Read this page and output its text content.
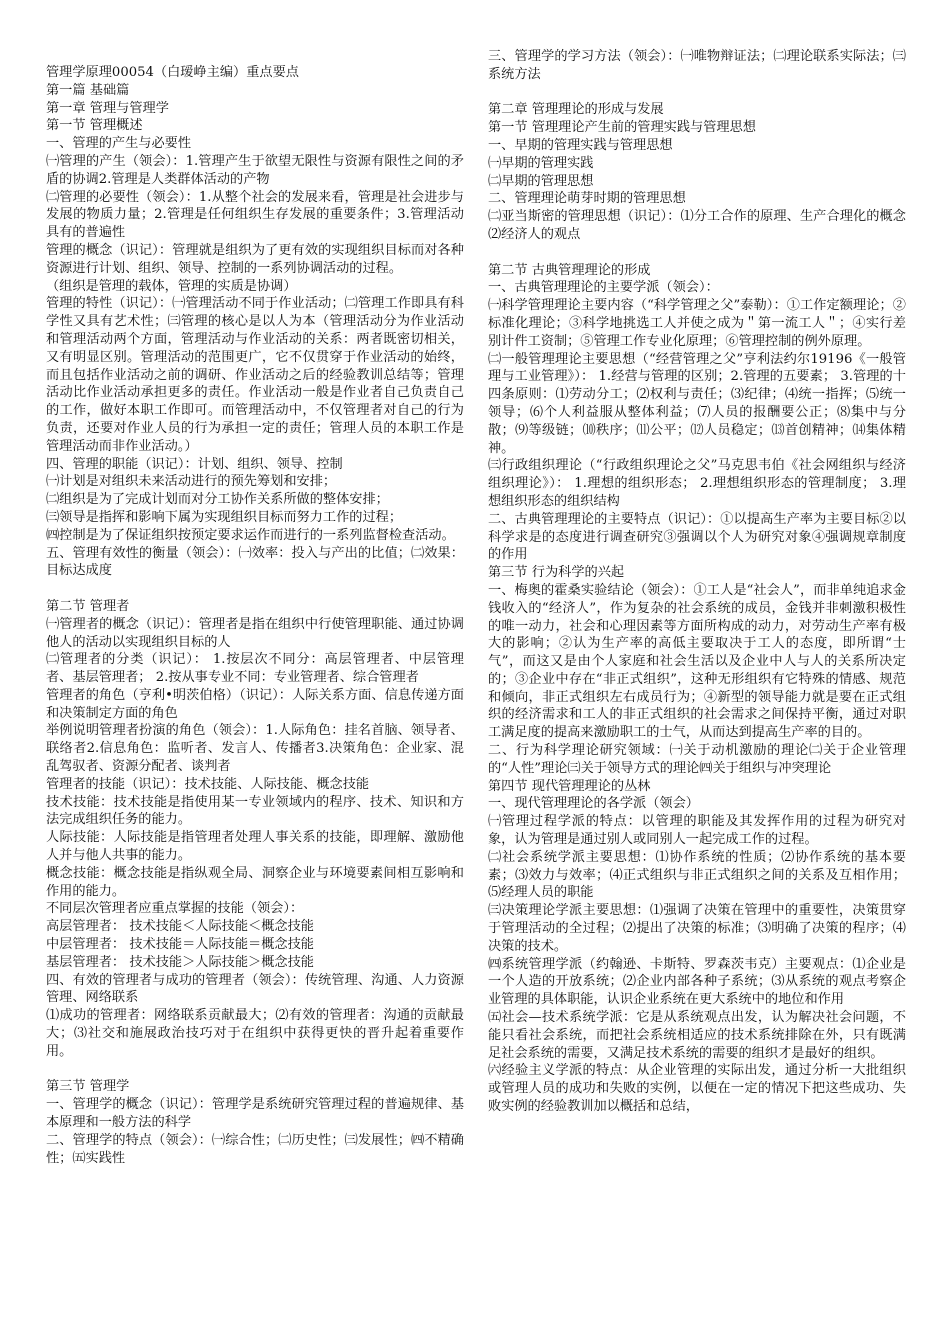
管理学原理00054（白瑷峥主编）重点要点

第一篇 基础篇

第一章 管理与管理学

第一节 管理概述

一、管理的产生与必要性

㈠管理的产生（领会）：1.管理产生于欲望无限性与资源有限性之间的矛盾的协调2.管理是人类群体活动的产物

㈡管理的必要性（领会）：1.从整个社会的发展来看，管理是社会进步与发展的物质力量；2.管理是任何组织生存发展的重要条件；3.管理活动具有的普遍性

管理的概念（识记）：管理就是组织为了更有效的实现组织目标而对各种资源进行计划、组织、领导、控制的一系列协调活动的过程。

（组织是管理的载体，管理的实质是协调）

管理的特性（识记）：㈠管理活动不同于作业活动；㈡管理工作即具有科学性又具有艺术性；㈢管理的核心是以人为本（管理活动分为作业活动和管理活动两个方面，管理活动与作业活动的关系：两者既密切相关，又有明显区别。管理活动的范围更广，它不仅贯穿于作业活动的始终，而且包括作业活动之前的调研、作业活动之后的经验教训总结等；管理活动比作业活动承担更多的责任。作业活动一般是作业者自己负责自己的工作，做好本职工作即可。而管理活动中，不仅管理者对自己的行为负责，还要对作业人员的行为承担一定的责任；管理人员的本职工作是管理活动而非作业活动。）

四、管理的职能（识记）：计划、组织、领导、控制

㈠计划是对组织未来活动进行的预先筹划和安排；

㈡组织是为了完成计划而对分工协作关系所做的整体安排；

㈢领导是指挥和影响下属为实现组织目标而努力工作的过程；

㈣控制是为了保证组织按预定要求运作而进行的一系列监督检查活动。

五、管理有效性的衡量（领会）：㈠效率：投入与产出的比值；㈡效果：目标达成度

第二节 管理者

㈠管理者的概念（识记）：管理者是指在组织中行使管理职能、通过协调他人的活动以实现组织目标的人

㈡管理者的分类（识记）： 1.按层次不同分：高层管理者、中层管理者、基层管理者； 2.按从事专业不同：专业管理者、综合管理者

管理者的角色（亨利•明茨伯格）（识记）：人际关系方面、信息传递方面和决策制定方面的角色

举例说明管理者扮演的角色（领会）：1.人际角色：挂名首脑、领导者、联络者2.信息角色：监听者、发言人、传播者3.决策角色：企业家、混乱驾驭者、资源分配者、谈判者

管理者的技能（识记）：技术技能、人际技能、概念技能

技术技能：技术技能是指使用某一专业领域内的程序、技术、知识和方法完成组织任务的能力。

人际技能：人际技能是指管理者处理人事关系的技能，即理解、激励他人并与他人共事的能力。

概念技能：概念技能是指纵观全局、洞察企业与环境要素间相互影响和作用的能力。

不同层次管理者应重点掌握的技能（领会）：

高层管理者： 技术技能＜人际技能＜概念技能

中层管理者： 技术技能＝人际技能＝概念技能

基层管理者： 技术技能＞人际技能＞概念技能

四、有效的管理者与成功的管理者（领会）：传统管理、沟通、人力资源管理、网络联系

⑴成功的管理者：网络联系贡献最大；⑵有效的管理者：沟通的贡献最大；⑶社交和施展政治技巧对于在组织中获得更快的晋升起着重要作用。

第三节 管理学

一、管理学的概念（识记）：管理学是系统研究管理过程的普遍规律、基本原理和一般方法的科学

二、管理学的特点（领会）：㈠综合性；㈡历史性；㈢发展性；㈣不精确性；㈤实践性

三、管理学的学习方法（领会）：㈠唯物辩证法；㈡理论联系实际法；㈢系统方法

第二章 管理理论的形成与发展

第一节 管理理论产生前的管理实践与管理思想

一、早期的管理实践与管理思想

㈠早期的管理实践

㈡早期的管理思想

二、管理理论萌芽时期的管理思想

㈡亚当斯密的管理思想（识记）：⑴分工合作的原理、生产合理化的概念⑵经济人的观点

第二节 古典管理理论的形成

一、古典管理理论的主要学派（领会）：

㈠科学管理理论主要内容（“科学管理之父”泰勒）：①工作定额理论；②标准化理论；③科学地挑选工人并使之成为＂第一流工人＂；④实行差别计件工资制；⑤管理工作专业化原理；⑥管理控制的例外原理。

㈡一般管理理论主要思想（“经营管理之父”亨利法约尔19196《一般管理与工业管理》）： 1.经营与管理的区别；2.管理的五要素； 3.管理的十四条原则：⑴劳动分工；⑵权利与责任；⑶纪律；⑷统一指挥；⑸统一领导；⑹个人利益服从整体利益；⑺人员的报酬要公正；⑻集中与分散；⑼等级链；⑽秩序；⑾公平；⑿人员稳定；⒀首创精神；⒁集体精神。

㈢行政组织理论（“行政组织理论之父”马克思韦伯《社会网组织与经济组织理论》）： 1.理想的组织形态； 2.理想组织形态的管理制度； 3.理想组织形态的组织结构

二、古典管理理论的主要特点（识记）：①以提高生产率为主要目标②以科学求是的态度进行调查研究③强调以个人为研究对象④强调规章制度的作用

第三节 行为科学的兴起

一、梅奥的霍桑实验结论（领会）：①工人是“社会人”，而非单纯追求金钱收入的“经济人”，作为复杂的社会系统的成员，金钱并非刺激积极性的唯一动力，社会和心理因素等方面所构成的动力，对劳动生产率有极大的影响；②认为生产率的高低主要取决于工人的态度，即所谓“士气”，而这又是由个人家庭和社会生活以及企业中人与人的关系所决定的；③企业中存在“非正式组织”，这种无形组织有它特殊的情感、规范和倾向，非正式组织左右成员行为；④新型的领导能力就是要在正式组织的经济需求和工人的非正式组织的社会需求之间保持平衡，通过对职工满足度的提高来激励职工的士气，从而达到提高生产率的目的。

二、行为科学理论研究领域：㈠关于动机激励的理论㈡关于企业管理的“人性”理论㈢关于领导方式的理论㈣关于组织与冲突理论

第四节 现代管理理论的丛林

一、现代管理理论的各学派（领会）

㈠管理过程学派的特点：以管理的职能及其发挥作用的过程为研究对象，认为管理是通过别人或同别人一起完成工作的过程。

㈡社会系统学派主要思想：⑴协作系统的性质；⑵协作系统的基本要素；⑶效力与效率；⑷正式组织与非正式组织之间的关系及互相作用；⑸经理人员的职能

㈢决策理论学派主要思想：⑴强调了决策在管理中的重要性，决策贯穿于管理活动的全过程；⑵提出了决策的标准；⑶明确了决策的程序；⑷决策的技术。

㈣系统管理学派（约翰逊、卡斯特、罗森茨韦克）主要观点：⑴企业是一个人造的开放系统；⑵企业内部各种子系统；⑶从系统的观点考察企业管理的具体职能，认识企业系统在更大系统中的地位和作用

㈤社会—技术系统学派：它是从系统观点出发，认为解决社会问题，不能只看社会系统，而把社会系统相适应的技术系统排除在外，只有既满足社会系统的需要，又满足技术系统的需要的组织才是最好的组织。

㈥经验主义学派的特点：从企业管理的实际出发，通过分析一大批组织或管理人员的成功和失败的实例，以便在一定的情况下把这些成功、失败实例的经验教训加以概括和总结，
